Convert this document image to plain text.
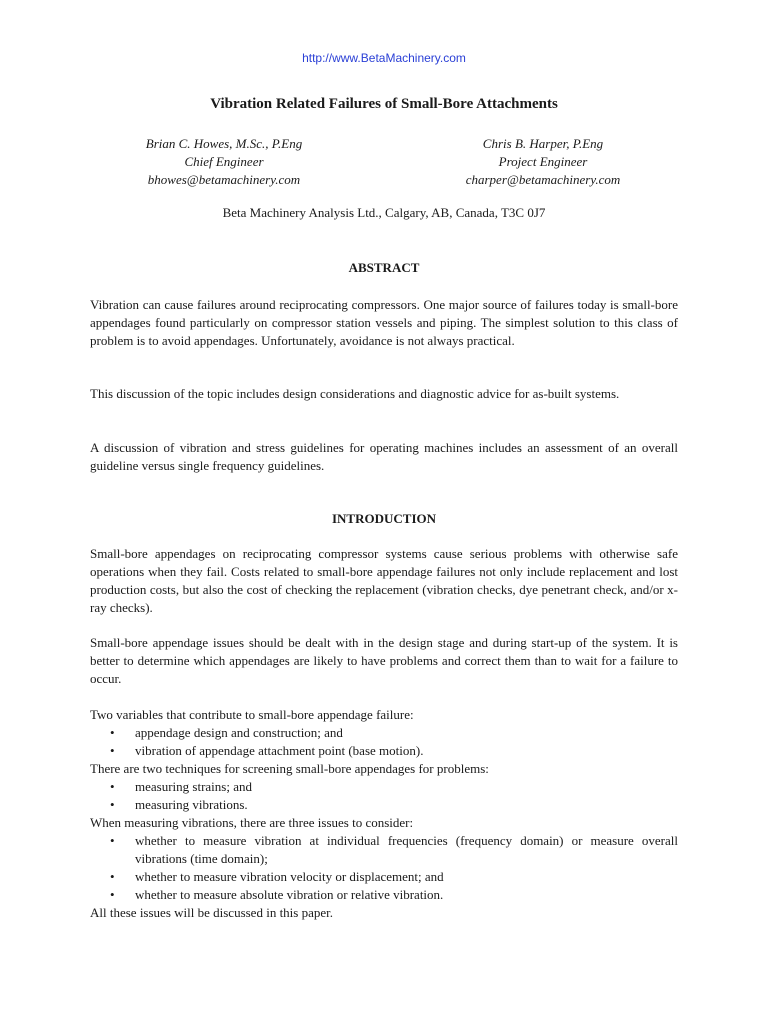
http://www.BetaMachinery.com
Vibration Related Failures of Small-Bore Attachments
Brian C. Howes, M.Sc., P.Eng
Chief Engineer
bhowes@betamachinery.com
Chris B. Harper, P.Eng
Project Engineer
charper@betamachinery.com
Beta Machinery Analysis Ltd., Calgary, AB, Canada, T3C 0J7
ABSTRACT

Vibration can cause failures around reciprocating compressors. One major source of failures today is small-bore appendages found particularly on compressor station vessels and piping. The simplest solution to this class of problem is to avoid appendages. Unfortunately, avoidance is not always practical.

This discussion of the topic includes design considerations and diagnostic advice for as-built systems.

A discussion of vibration and stress guidelines for operating machines includes an assessment of an overall guideline versus single frequency guidelines.

INTRODUCTION

Small-bore appendages on reciprocating compressor systems cause serious problems with otherwise safe operations when they fail. Costs related to small-bore appendage failures not only include replacement and lost production costs, but also the cost of checking the replacement (vibration checks, dye penetrant check, and/or x-ray checks).

Small-bore appendage issues should be dealt with in the design stage and during start-up of the system. It is better to determine which appendages are likely to have problems and correct them than to wait for a failure to occur.

Two variables that contribute to small-bore appendage failure:
• appendage design and construction; and
• vibration of appendage attachment point (base motion).
There are two techniques for screening small-bore appendages for problems:
• measuring strains; and
• measuring vibrations.
When measuring vibrations, there are three issues to consider:
• whether to measure vibration at individual frequencies (frequency domain) or measure overall vibrations (time domain);
• whether to measure vibration velocity or displacement; and
• whether to measure absolute vibration or relative vibration.
All these issues will be discussed in this paper.
